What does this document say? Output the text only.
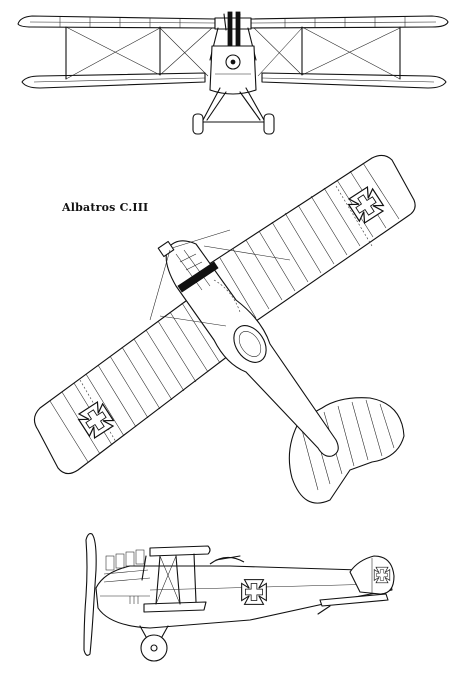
Albatros C.III
